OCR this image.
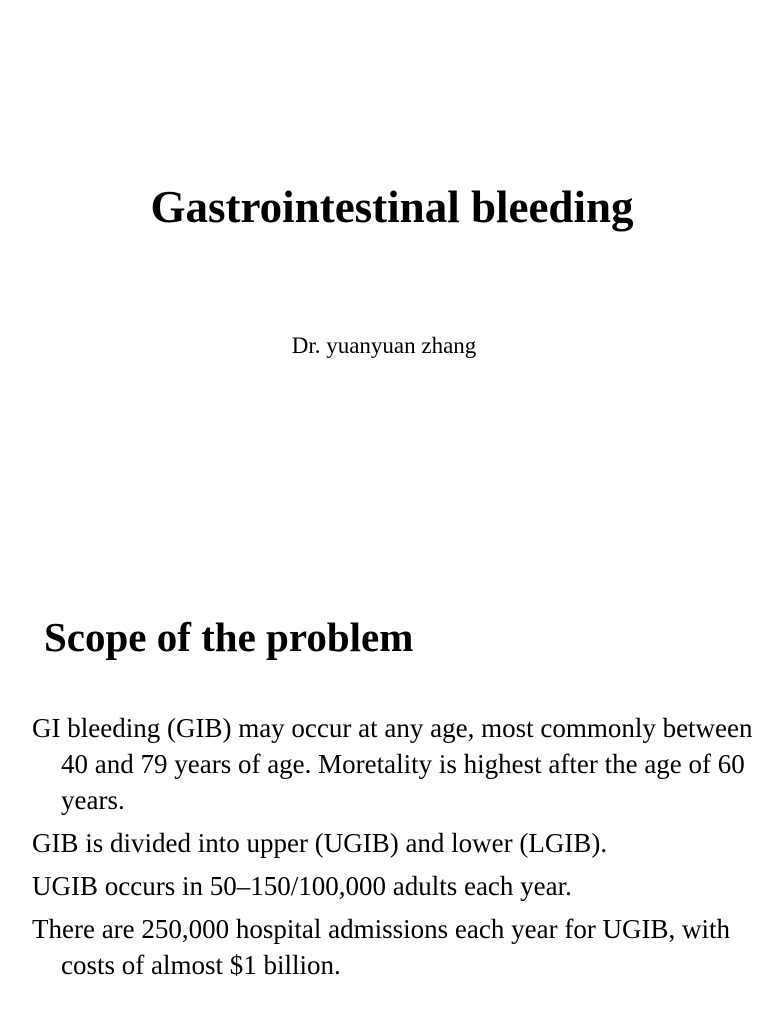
Gastrointestinal bleeding

Dr. yuanyuan zhang

Scope of the problem
GI bleeding (GIB) may occur at any age, most commonly between 40 and 79 years of age. Moretality is highest after the age of 60 years.
GIB is divided into upper (UGIB) and lower (LGIB).
UGIB occurs in 50–150/100,000 adults each year.
There are 250,000 hospital admissions each year for UGIB, with costs of almost $1 billion.
